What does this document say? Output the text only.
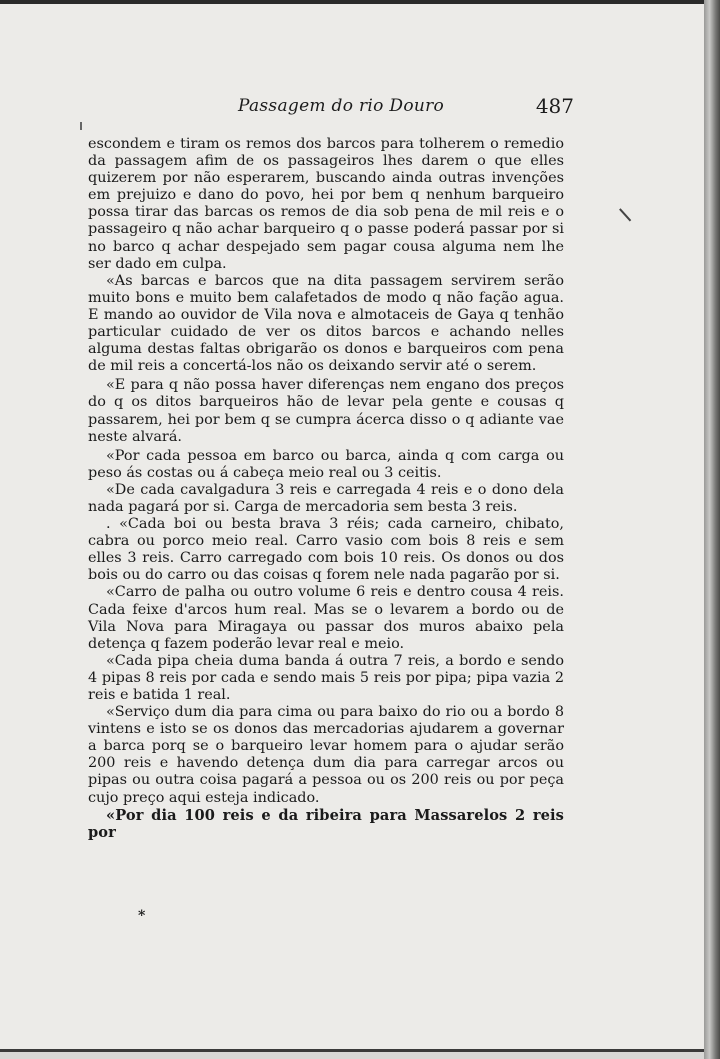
Passagem do rio Douro	487

escondem e tiram os remos dos barcos para tolherem o remedio da passagem afim de os passageiros lhes darem o que elles quizerem por não esperarem, buscando ainda outras invenções em prejuizo e dano do povo, hei por bem q nenhum barqueiro possa tirar das barcas os remos de dia sob pena de mil reis e o passageiro q não achar barqueiro q o passe poderá passar por si no barco q achar despejado sem pagar cousa alguma nem lhe ser dado em culpa.

«As barcas e barcos que na dita passagem servirem serão muito bons e muito bem calafetados de modo q não fação agua. E mando ao ouvidor de Vila nova e almotaceis de Gaya q tenhão particular cuidado de ver os ditos barcos e achando nelles alguma destas faltas obrigarão os donos e barqueiros com pena de mil reis a concertá-los não os deixando servir até o serem.

«E para q não possa haver diferenças nem engano dos preços do q os ditos barqueiros hão de levar pela gente e cousas q passarem, hei por bem q se cumpra ácerca disso o q adiante vae neste alvará.

«Por cada pessoa em barco ou barca, ainda q com carga ou peso ás costas ou á cabeça meio real ou 3 ceitis.

«De cada cavalgadura 3 reis e carregada 4 reis e o dono dela nada pagará por si. Carga de mercadoria sem besta 3 reis.

. «Cada boi ou besta brava 3 réis; cada carneiro, chibato, cabra ou porco meio real. Carro vasio com bois 8 reis e sem elles 3 reis. Carro carregado com bois 10 reis. Os donos ou dos bois ou do carro ou das coisas q forem nele nada pagarão por si.

«Carro de palha ou outro volume 6 reis e dentro cousa 4 reis. Cada feixe d'arcos hum real. Mas se o levarem a bordo ou de Vila Nova para Miragaya ou passar dos muros abaixo pela detença q fazem poderão levar real e meio.

«Cada pipa cheia duma banda á outra 7 reis, a bordo e sendo 4 pipas 8 reis por cada e sendo mais 5 reis por pipa; pipa vazia 2 reis e batida 1 real.

«Serviço dum dia para cima ou para baixo do rio ou a bordo 8 vintens e isto se os donos das mercadorias ajudarem a governar a barca porq se o barqueiro levar homem para o ajudar serão 200 reis e havendo detença dum dia para carregar arcos ou pipas ou outra coisa pagará a pessoa ou os 200 reis ou por peça cujo preço aqui esteja indicado.

«Por dia 100 reis e da ribeira para Massarelos 2 reis por

*
